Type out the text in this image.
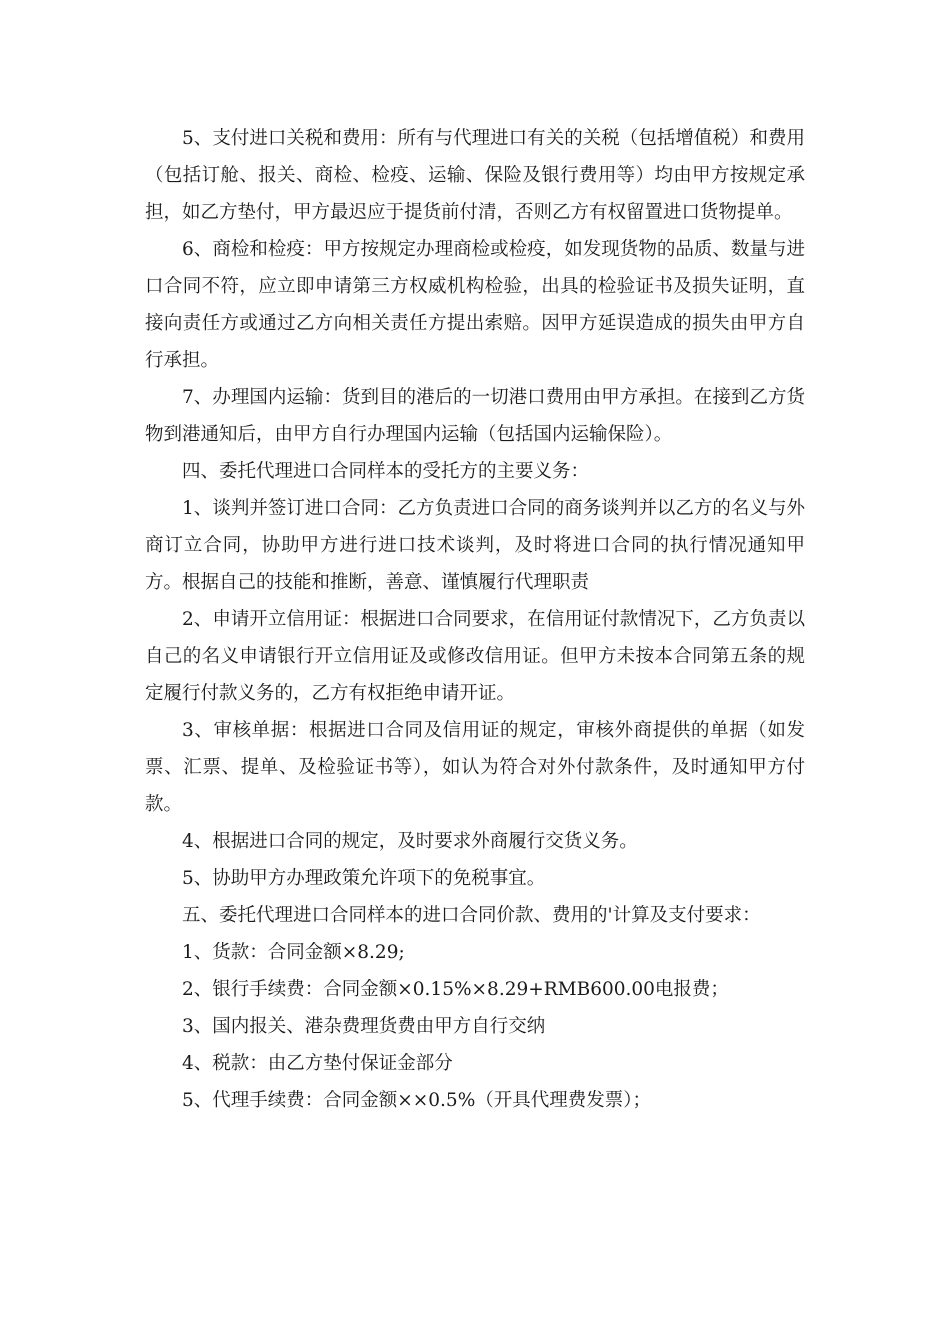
5、支付进口关税和费用：所有与代理进口有关的关税（包括增值税）和费用（包括订舱、报关、商检、检疫、运输、保险及银行费用等）均由甲方按规定承担，如乙方垫付，甲方最迟应于提货前付清，否则乙方有权留置进口货物提单。

6、商检和检疫：甲方按规定办理商检或检疫，如发现货物的品质、数量与进口合同不符，应立即申请第三方权威机构检验，出具的检验证书及损失证明，直接向责任方或通过乙方向相关责任方提出索赔。因甲方延误造成的损失由甲方自行承担。

7、办理国内运输：货到目的港后的一切港口费用由甲方承担。在接到乙方货物到港通知后，由甲方自行办理国内运输（包括国内运输保险）。

四、委托代理进口合同样本的受托方的主要义务：

1、谈判并签订进口合同：乙方负责进口合同的商务谈判并以乙方的名义与外商订立合同，协助甲方进行进口技术谈判，及时将进口合同的执行情况通知甲方。根据自己的技能和推断，善意、谨慎履行代理职责

2、申请开立信用证：根据进口合同要求，在信用证付款情况下，乙方负责以自己的名义申请银行开立信用证及或修改信用证。但甲方未按本合同第五条的规定履行付款义务的，乙方有权拒绝申请开证。

3、审核单据：根据进口合同及信用证的规定，审核外商提供的单据（如发票、汇票、提单、及检验证书等），如认为符合对外付款条件，及时通知甲方付款。

4、根据进口合同的规定，及时要求外商履行交货义务。

5、协助甲方办理政策允许项下的免税事宜。

五、委托代理进口合同样本的进口合同价款、费用的'计算及支付要求：

1、货款：合同金额×8.29;

2、银行手续费：合同金额×0.15%×8.29+RMB600.00电报费；

3、国内报关、港杂费理货费由甲方自行交纳

4、税款：由乙方垫付保证金部分

5、代理手续费：合同金额××0.5%（开具代理费发票）；
